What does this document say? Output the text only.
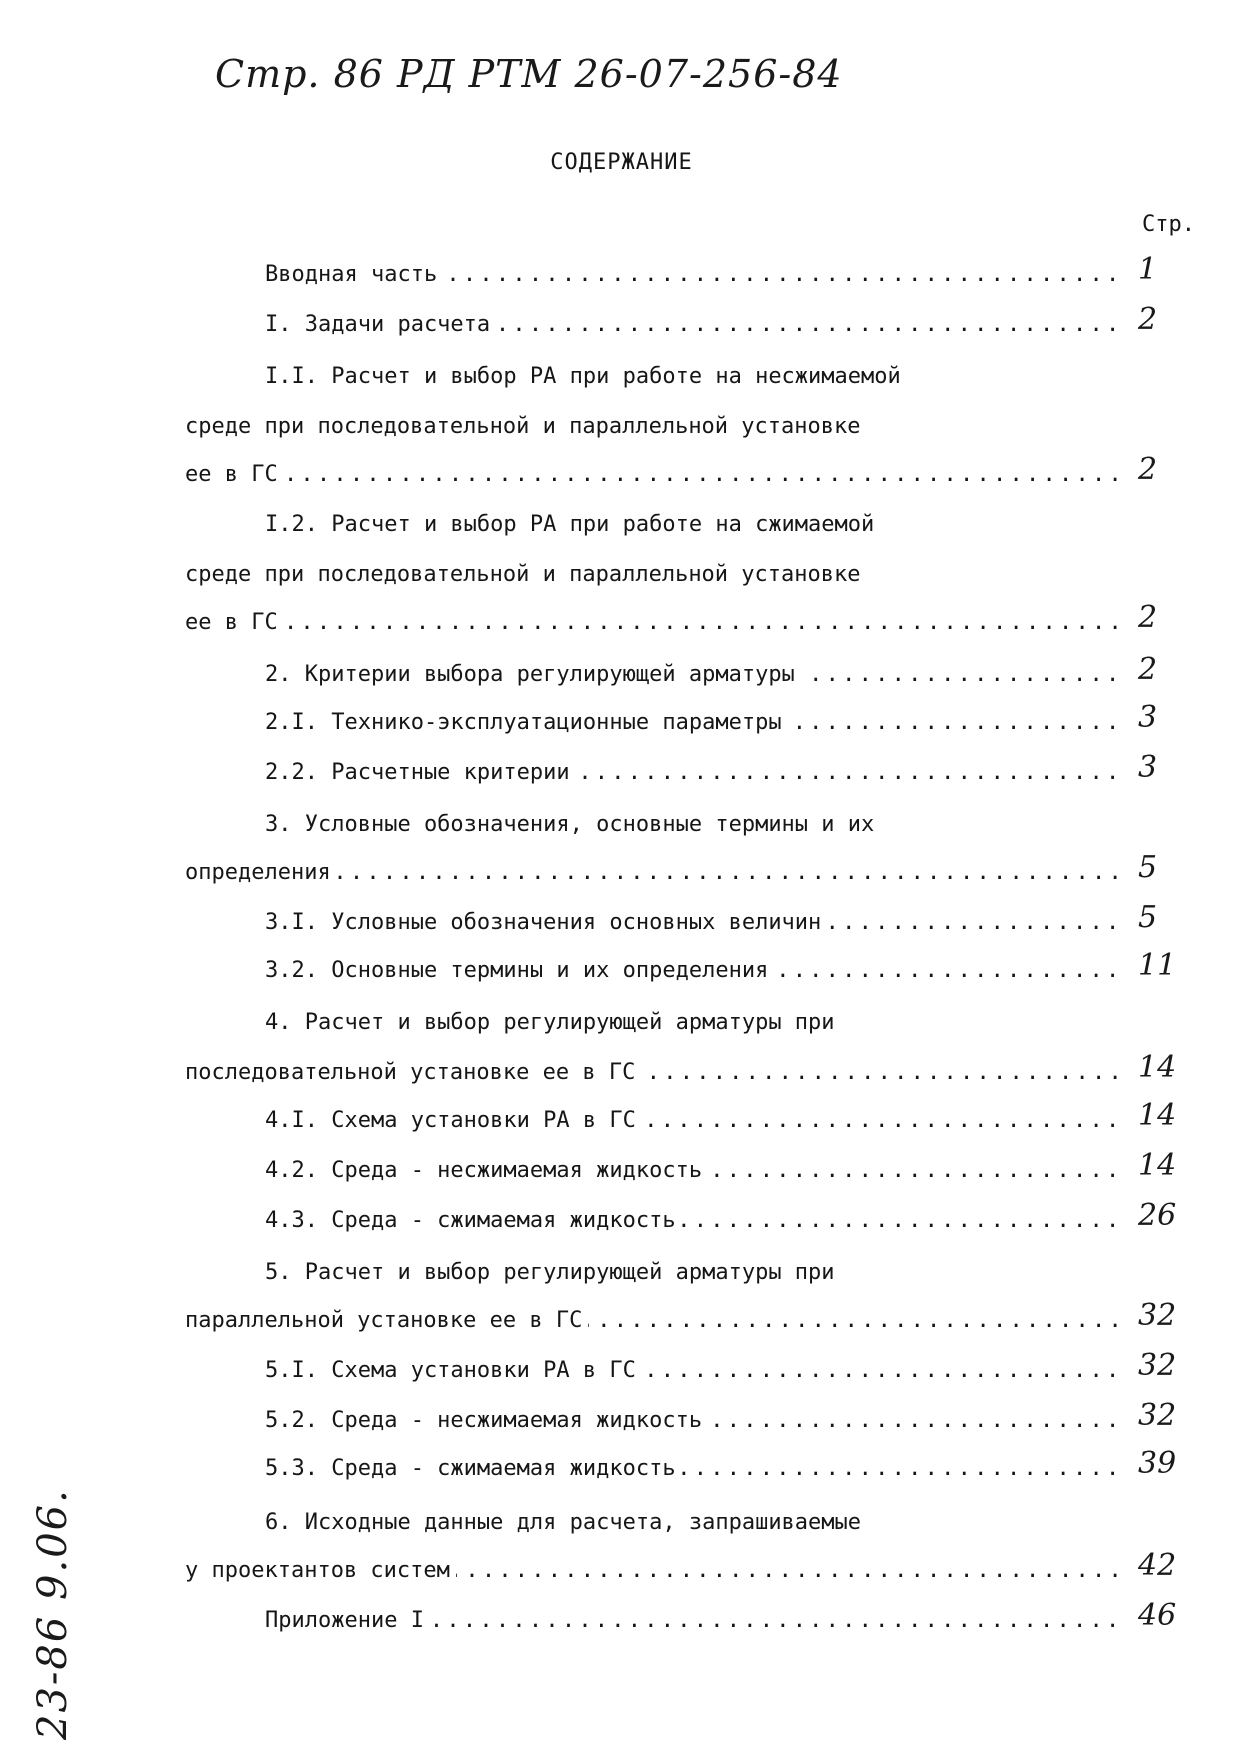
Стр. 86 РД РТМ 26-07-256-84
23-86 9.06.
СОДЕРЖАНИЕ
Стр.
Вводная часть . . .	1
I. Задачи расчета . . .	2
I.I. Расчет и выбор РА при работе на несжимаемой
среде при последовательной и параллельной установке
ее в ГС . . .	2
I.2. Расчет и выбор РА при работе на сжимаемой
среде при последовательной и параллельной установке
ее в ГС . . .	2
2. Критерии выбора регулирующей арматуры . . .	2
2.I. Технико-эксплуатационные параметры . . .	3
2.2. Расчетные критерии . . .	3
3. Условные обозначения, основные термины и их
определения . . .	5
3.I. Условные обозначения основных величин . . .	5
3.2. Основные термины и их определения . . .	11
4. Расчет и выбор регулирующей арматуры при
последовательной установке ее в ГС . . .	14
4.I. Схема установки РА в ГС . . .	14
4.2. Среда - несжимаемая жидкость . . .	14
4.3. Среда - сжимаемая жидкость . . .	26
5. Расчет и выбор регулирующей арматуры при
параллельной установке ее в ГС . . .	32
5.I. Схема установки РА в ГС . . .	32
5.2. Среда - несжимаемая жидкость . . .	32
5.3. Среда - сжимаемая жидкость . . .	39
6. Исходные данные для расчета, запрашиваемые
у проектантов систем . . .	42
Приложение I . . .	46
